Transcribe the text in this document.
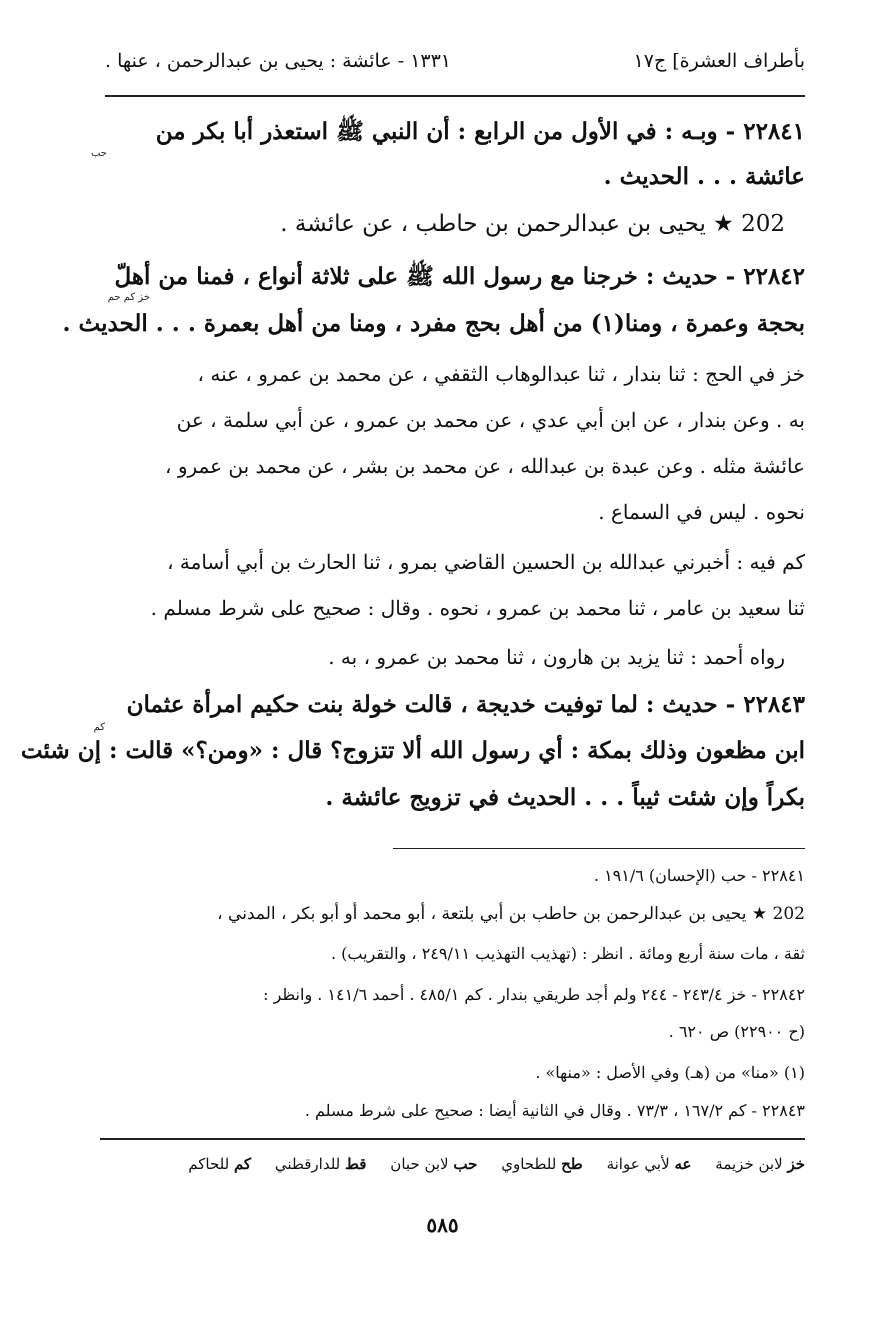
بأطراف العشرة] ج١٧
١٣٣١ - عائشة : يحيى بن عبدالرحمن ، عنها .
٢٢٨٤١ - وبـه : في الأول من الرابع : أن النبي ﷺ استعذر أبا بكر من
حب
عائشة . . . الحديث .
202 ★ يحيى بن عبدالرحمن بن حاطب ، عن عائشة .
٢٢٨٤٢ - حديث : خرجنا مع رسول الله ﷺ على ثلاثة أنواع ، فمنا من أهلّ
خز كم حم
بحجة وعمرة ، ومنا(١) من أهل بحج مفرد ، ومنا من أهل بعمرة . . . الحديث .
خز في الحج : ثنا بندار ، ثنا عبدالوهاب الثقفي ، عن محمد بن عمرو ، عنه ،
به . وعن بندار ، عن ابن أبي عدي ، عن محمد بن عمرو ، عن أبي سلمة ، عن
عائشة مثله . وعن عبدة بن عبدالله ، عن محمد بن بشر ، عن محمد بن عمرو ،
نحوه . ليس في السماع .
كم فيه : أخبرني عبدالله بن الحسين القاضي بمرو ، ثنا الحارث بن أبي أسامة ،
ثنا سعيد بن عامر ، ثنا محمد بن عمرو ، نحوه . وقال : صحيح على شرط مسلم .
رواه أحمد : ثنا يزيد بن هارون ، ثنا محمد بن عمرو ، به .
٢٢٨٤٣ - حديث : لما توفيت خديجة ، قالت خولة بنت حكيم امرأة عثمان
كم
ابن مظعون وذلك بمكة : أي رسول الله ألا تتزوج؟ قال : «ومن؟» قالت : إن شئت
بكراً وإن شئت ثيباً . . . الحديث في تزويج عائشة .
٢٢٨٤١ - حب (الإحسان) ١٩١/٦ .
202 ★ يحيى بن عبدالرحمن بن حاطب بن أبي بلتعة ، أبو محمد أو أبو بكر ، المدني ،
ثقة ، مات سنة أربع ومائة . انظر : (تهذيب التهذيب ٢٤٩/١١ ، والتقريب) .
٢٢٨٤٢ - خز ٢٤٣/٤ - ٢٤٤ ولم أجد طريقي بندار . كم ٤٨٥/١ . أحمد ١٤١/٦ . وانظر :
(ح ٢٢٩٠٠) ص ٦٢٠ .
(١) «منا» من (هـ) وفي الأصل : «منها» .
٢٢٨٤٣ - كم ١٦٧/٢ ، ٧٣/٣ . وقال في الثانية أيضا : صحيح على شرط مسلم .
خز لابن خزيمة     عه لأبي عوانة     طح للطحاوي     حب لابن حبان     قط للدارقطني     كم للحاكم
٥٨٥
